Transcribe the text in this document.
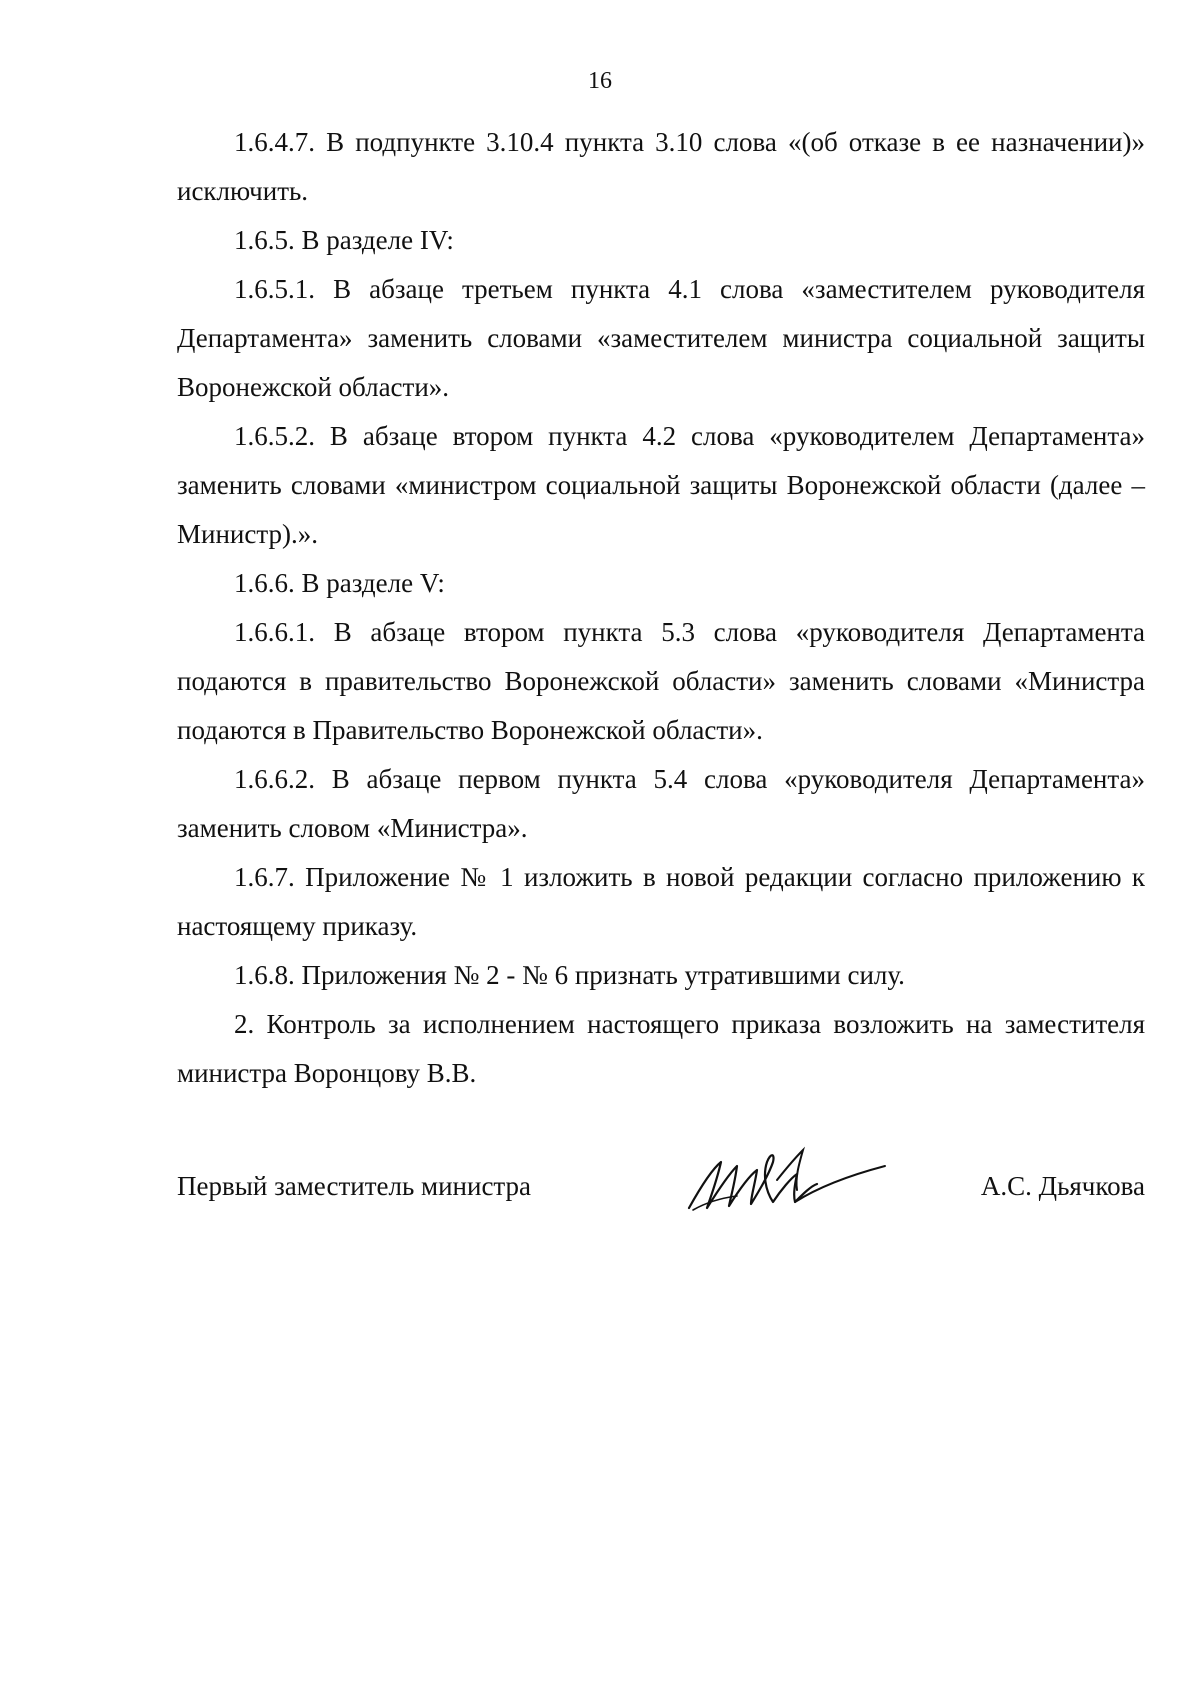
16

1.6.4.7. В подпункте 3.10.4 пункта 3.10 слова «(об отказе в ее назначении)» исключить.

1.6.5. В разделе IV:

1.6.5.1. В абзаце третьем пункта 4.1 слова «заместителем руководителя Департамента» заменить словами «заместителем министра социальной защиты Воронежской области».

1.6.5.2. В абзаце втором пункта 4.2 слова «руководителем Департамента» заменить словами «министром социальной защиты Воронежской области (далее – Министр).».

1.6.6. В разделе V:

1.6.6.1. В абзаце втором пункта 5.3 слова «руководителя Департамента подаются в правительство Воронежской области» заменить словами «Министра подаются в Правительство Воронежской области».

1.6.6.2. В абзаце первом пункта 5.4 слова «руководителя Департамента» заменить словом «Министра».

1.6.7. Приложение № 1 изложить в новой редакции согласно приложению к настоящему приказу.

1.6.8. Приложения № 2 - № 6 признать утратившими силу.

2. Контроль за исполнением настоящего приказа возложить на заместителя министра Воронцову В.В.

Первый заместитель министра	А.С. Дьячкова
